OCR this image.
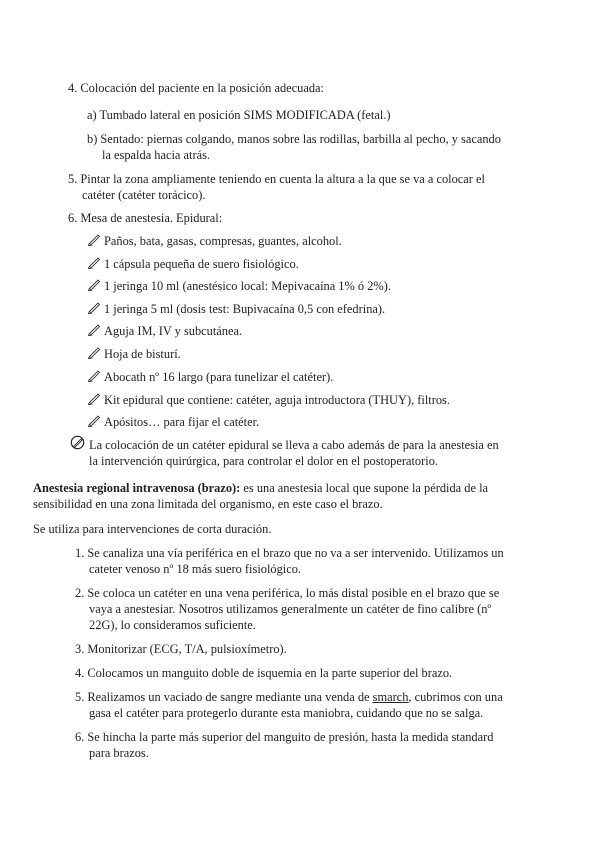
4. Colocación del paciente en la posición adecuada:
a) Tumbado lateral en posición SIMS MODIFICADA (fetal.)
b) Sentado: piernas colgando, manos sobre las rodillas, barbilla al pecho, y sacando
la espalda hacia atrás.
5. Pintar la zona ampliamente teniendo en cuenta la altura a la que se va a colocar el
catéter (catéter torácico).
6. Mesa de anestesia. Epidural:
Paños, bata, gasas, compresas, guantes, alcohol.
1 cápsula pequeña de suero fisiológico.
1 jeringa 10 ml (anestésico local: Mepivacaína 1% ó 2%).
1 jeringa 5 ml (dosis test: Bupivacaína 0,5 con efedrina).
Aguja IM, IV y subcutánea.
Hoja de bisturí.
Abocath nº 16 largo (para tunelizar el catéter).
Kit epidural que contiene: catéter, aguja introductora (THUY), filtros.
Apósitos… para fijar el catéter.
La colocación de un catéter epidural se lleva a cabo además de para la anestesia en
la intervención quirúrgica, para controlar el dolor en el postoperatorio.
Anestesia regional intravenosa (brazo): es una anestesia local que supone la pérdida de la
sensibilidad en una zona limitada del organismo, en este caso el brazo.
Se utiliza para intervenciones de corta duración.
1. Se canaliza una vía periférica en el brazo que no va a ser intervenido. Utilizamos un
cateter venoso nº 18 más suero fisiológico.
2. Se coloca un catéter en una vena periférica, lo más distal posible en el brazo que se
vaya a anestesiar. Nosotros utilizamos generalmente un catéter de fino calibre (nº
22G), lo consideramos suficiente.
3. Monitorizar (ECG, T/A, pulsioxímetro).
4. Colocamos un manguito doble de isquemia en la parte superior del brazo.
5. Realizamos un vaciado de sangre mediante una venda de smarch, cubrimos con una
gasa el catéter para protegerlo durante esta maniobra, cuidando que no se salga.
6. Se hincha la parte más superior del manguito de presión, hasta la medida standard
para brazos.
